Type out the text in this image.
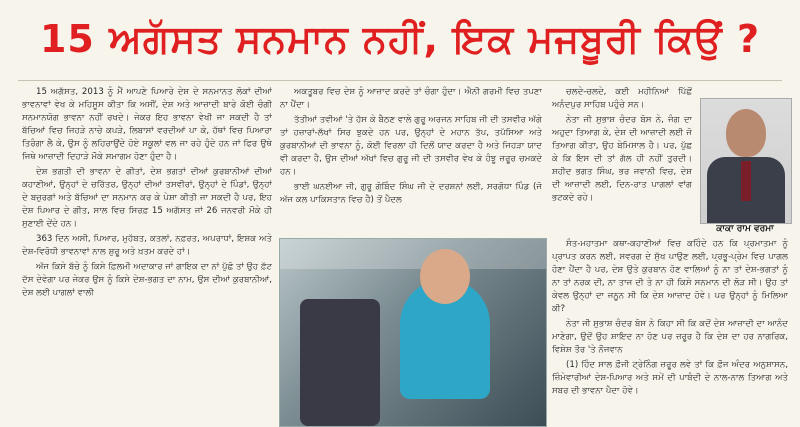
15 ਅਗੱਸਤ ਸਨਮਾਨ ਨਹੀਂ, ਇਕ ਮਜਬੂਰੀ ਕਿਉਂ ?

15 ਅਗੱਸਤ, 2013 ਨੂੰ ਮੈਂ ਆਪਣੇ ਪਿਆਰੇ ਦੇਸ਼ ਦੇ ਸਨਮਾਨਤ ਲੋਕਾਂ ਦੀਆਂ ਭਾਵਨਾਵਾਂ ਵੇਖ ਕੇ ਮਹਿਸੂਸ ਕੀਤਾ ਕਿ ਅਸੀਂ, ਦੇਸ਼ ਅਤੇ ਆਜ਼ਾਦੀ ਬਾਰੇ ਕੋਈ ਚੰਗੀ ਸਨਮਾਨਯੋਗ ਭਾਵਨਾ ਨਹੀਂ ਰਖਦੇ। ਜੇਕਰ ਇਹ ਭਾਵਨਾ ਵੇਖੀ ਜਾ ਸਕਦੀ ਹੈ ਤਾਂ ਬੱਚਿਆਂ ਵਿਚ ਜਿਹੜੇ ਨਾਚੇ ਕਪੜੇ, ਲਿਬਾਸਾਂ ਵਰਦੀਆਂ ਪਾ ਕੇ, ਹੱਥਾਂ ਵਿਚ ਪਿਆਰਾ ਤਿਰੰਗਾ ਲੈ ਕੇ, ਉਸ ਨੂੰ ਲਹਿਰਾਉਂਦੇ ਹੋਏ ਸਕੂਲਾਂ ਵਲ ਜਾ ਰਹੇ ਹੁੰਦੇ ਹਨ ਜਾਂ ਫਿਰ ਉਥੇ ਜਿਥੇ ਆਜ਼ਾਦੀ ਦਿਹਾੜੇ ਮੌਕੇ ਸਮਾਗਮ ਹੋਣਾ ਹੁੰਦਾ ਹੈ।

ਦੇਸ਼ ਭਗਤੀ ਦੀ ਭਾਵਨਾ ਦੇ ਗੀਤਾਂ, ਦੇਸ਼ ਭਗਤਾਂ ਦੀਆਂ ਕੁਰਬਾਨੀਆਂ ਦੀਆਂ ਕਹਾਣੀਆਂ, ਉਨ੍ਹਾਂ ਦੇ ਚਰਿੱਤਰ, ਉਨ੍ਹਾਂ ਦੀਆਂ ਤਸਵੀਰਾਂ, ਉਨ੍ਹਾਂ ਦੇ ਪਿੰਡਾਂ, ਉਨ੍ਹਾਂ ਦੇ ਬਜ਼ੁਰਗਾਂ ਅਤੇ ਬੱਚਿਆਂ ਦਾ ਸਨਮਾਨ ਕਰ ਕੇ ਪੇਸ਼ਾ ਕੀਤੀ ਜਾ ਸਕਦੀ ਹੈ ਪਰ, ਇਹ ਦੇਸ਼ ਪਿਆਰ ਦੇ ਗੀਤ, ਸਾਲ ਵਿਚ ਸਿਰਫ਼ 15 ਅਗੱਸਤ ਜਾਂ 26 ਜਨਵਰੀ ਮੌਕੇ ਹੀ ਸੁਣਾਈ ਦੇਂਦੇ ਹਨ।

363 ਦਿਨ ਅਸੀ, ਪਿਆਰ, ਮੁਹੱਬਤ, ਕਤਲਾਂ, ਨਫ਼ਰਤ, ਅਪਰਾਧਾਂ, ਇਸ਼ਕ ਅਤੇ ਦੇਸ਼-ਵਿਰੋਧੀ ਭਾਵਨਾਵਾਂ ਨਾਲ ਸ਼ੁਰੂ ਅਤੇ ਖ਼ਤਮ ਕਰਦੇ ਹਾਂ।

ਅੱਜ ਕਿਸੇ ਬੱਚੇ ਨੂੰ ਕਿਸੇ ਫ਼ਿਲਮੀ ਅਦਾਕਾਰ ਜਾਂ ਗਾਇਕ ਦਾ ਨਾਂ ਪੁੱਛੋ ਤਾਂ ਉਹ ਫ਼ੱਟ ਦੱਸ ਦੇਵੇਗਾ ਪਰ ਜੇਕਰ ਉਸ ਨੂੰ ਕਿਸੇ ਦੇਸ਼-ਭਗਤ ਦਾ ਨਾਮ, ਉਸ ਦੀਆਂ ਕੁਰਬਾਨੀਆਂ, ਦੇਸ਼ ਲਈ ਪਾਗਲਾਂ ਵਾਲੀ

ਅਕਤੂਬਰ ਵਿਚ ਦੇਸ਼ ਨੂੰ ਆਜ਼ਾਦ ਕਰਦੇ ਤਾਂ ਚੰਗਾ ਹੁੰਦਾ। ਐਨੀ ਗਰਮੀ ਵਿਚ ਤਪਣਾ ਨਾ ਪੈਂਦਾ।

ਤੱਤੀਆਂ ਤਵੀਆਂ 'ਤੇ ਹੱਸ ਕੇ ਬੈਠਣ ਵਾਲੇ ਗੁਰੂ ਅਰਜਨ ਸਾਹਿਬ ਜੀ ਦੀ ਤਸਵੀਰ ਅੱਗੇ ਤਾਂ ਹਜ਼ਾਰਾਂ-ਲੱਖਾਂ ਸਿਰ ਝੁਕਦੇ ਹਨ ਪਰ, ਉਨ੍ਹਾਂ ਦੇ ਮਹਾਨ ਤੱਪ, ਤਪੱਸਿਆ ਅਤੇ ਕੁਰਬਾਨੀਆਂ ਦੀ ਭਾਵਨਾ ਨੂੰ, ਕੋਈ ਵਿਰਲਾ ਹੀ ਦਿਲੋਂ ਯਾਦ ਕਰਦਾ ਹੈ ਅਤੇ ਜਿਹੜਾ ਯਾਦ ਵੀ ਕਰਦਾ ਹੈ, ਉਸ ਦੀਆਂ ਅੱਖਾਂ ਵਿਚ ਗੁਰੂ ਜੀ ਦੀ ਤਸਵੀਰ ਵੇਖ ਕੇ ਹੰਝੂ ਜ਼ਰੂਰ ਚਮਕਦੇ ਹਨ।

ਭਾਈ ਘਨਈਆ ਜੀ, ਗੁਰੂ ਗੋਬਿੰਦ ਸਿੰਘ ਜੀ ਦੇ ਦਰਸ਼ਨਾਂ ਲਈ, ਸਰਗੋਧਾ ਪਿੰਡ (ਜੋ ਅੱਜ ਕਲ ਪਾਕਿਸਤਾਨ ਵਿਚ ਹੈ) ਤੋਂ ਪੈਦਲ

ਚਲਦੇ-ਚਲਦੇ, ਕਈ ਮਹੀਨਿਆਂ ਪਿੱਛੋਂ ਅਨੰਦਪੁਰ ਸਾਹਿਬ ਪਹੁੰਚੇ ਸਨ।

ਨੇਤਾ ਜੀ ਸੁਭਾਸ਼ ਚੰਦਰ ਬੋਸ ਨੇ, ਜੰਗ ਦਾ ਅਹੁਦਾ ਤਿਆਗ ਕੇ, ਦੇਸ਼ ਦੀ ਆਜ਼ਾਦੀ ਲਈ ਜੋ ਤਿਆਗ ਕੀਤਾ, ਉਹ ਬੇਮਿਸਾਲ ਹੈ। ਪਰ, ਪੁੱਛ ਕੇ ਕਿ ਇਸ ਦੀ ਤਾਂ ਗੱਲ ਹੀ ਨਹੀਂ ਤੁਰਦੀ। ਸ਼ਹੀਦ ਭਗਤ ਸਿੰਘ, ਭਰ ਜਵਾਨੀ ਵਿਚ, ਦੇਸ਼ ਦੀ ਆਜ਼ਾਦੀ ਲਈ, ਦਿਨ-ਰਾਤ ਪਾਗਲਾਂ ਵਾਂਗ ਭਟਕਦੇ ਰਹੇ।

ਕਾਕਾ ਰਾਮ ਵਰਮਾ

ਸੰਤ-ਮਹਾਤਮਾ ਕਥਾ-ਕਹਾਣੀਆਂ ਵਿਚ ਕਹਿੰਦੇ ਹਨ ਕਿ ਪ੍ਰਮਾਤਮਾ ਨੂੰ ਪ੍ਰਾਪਤ ਕਰਨ ਲਈ, ਸਵਰਗ ਦੇ ਸੁੱਖ ਪਾਉਣ ਲਈ, ਪ੍ਰਭੂ-ਪ੍ਰੇਮ ਵਿਚ ਪਾਗਲ ਹੋਣਾ ਪੈਂਦਾ ਹੈ ਪਰ, ਦੇਸ਼ ਉਤੇ ਕੁਰਬਾਨ ਹੋਣ ਵਾਲਿਆਂ ਨੂੰ ਨਾ ਤਾਂ ਦੇਸ਼-ਭਗਤਾਂ ਨੂੰ ਨਾ ਤਾਂ ਨਰਕ ਦੀ, ਨਾ ਤਾਜ ਦੀ ਤੇ ਨਾ ਹੀ ਕਿਸੇ ਸਨਮਾਨ ਦੀ ਲੋੜ ਸੀ। ਉਹ ਤਾਂ ਕੇਵਲ ਉਨ੍ਹਾਂ ਦਾ ਜਨੂਨ ਸੀ ਕਿ ਦੇਸ਼ ਆਜ਼ਾਦ ਹੋਵੇ। ਪਰ ਉਨ੍ਹਾਂ ਨੂੰ ਮਿਲਿਆ ਕੀ?

ਨੇਤਾ ਜੀ ਸੁਭਾਸ਼ ਚੰਦਰ ਬੋਸ ਨੇ ਕਿਹਾ ਸੀ ਕਿ ਕਦੋਂ ਦੇਸ਼ ਆਜ਼ਾਦੀ ਦਾ ਆਨੰਦ ਮਾਣੇਗਾ, ਉਦੋਂ ਉਹ ਸ਼ਾਇਦ ਨਾ ਹੋਣ ਪਰ ਜ਼ਰੂਰ ਹੈ ਕਿ ਦੇਸ਼ ਦਾ ਹਰ ਨਾਗਰਿਕ, ਵਿਸ਼ੇਸ਼ ਤੌਰ 'ਤੇ ਨੌਜਵਾਨ

(1) ਹਿੰਦ ਸਾਲ ਫ਼ੌਜੀ ਟ੍ਰੇਨਿੰਗ ਜ਼ਰੂਰ ਲਵੇ ਤਾਂ ਕਿ ਫ਼ੌਜ ਅੰਦਰ ਅਨੁਸ਼ਾਸਨ, ਜ਼ਿੰਮੇਵਾਰੀਆਂ ਦੇਸ਼-ਪਿਆਰ ਅਤੇ ਸਮੇਂ ਦੀ ਪਾਬੰਦੀ ਦੇ ਨਾਲ-ਨਾਲ ਤਿਆਗ ਅਤੇ ਸਬਰ ਦੀ ਭਾਵਨਾ ਪੈਦਾ ਹੋਵੇ।
